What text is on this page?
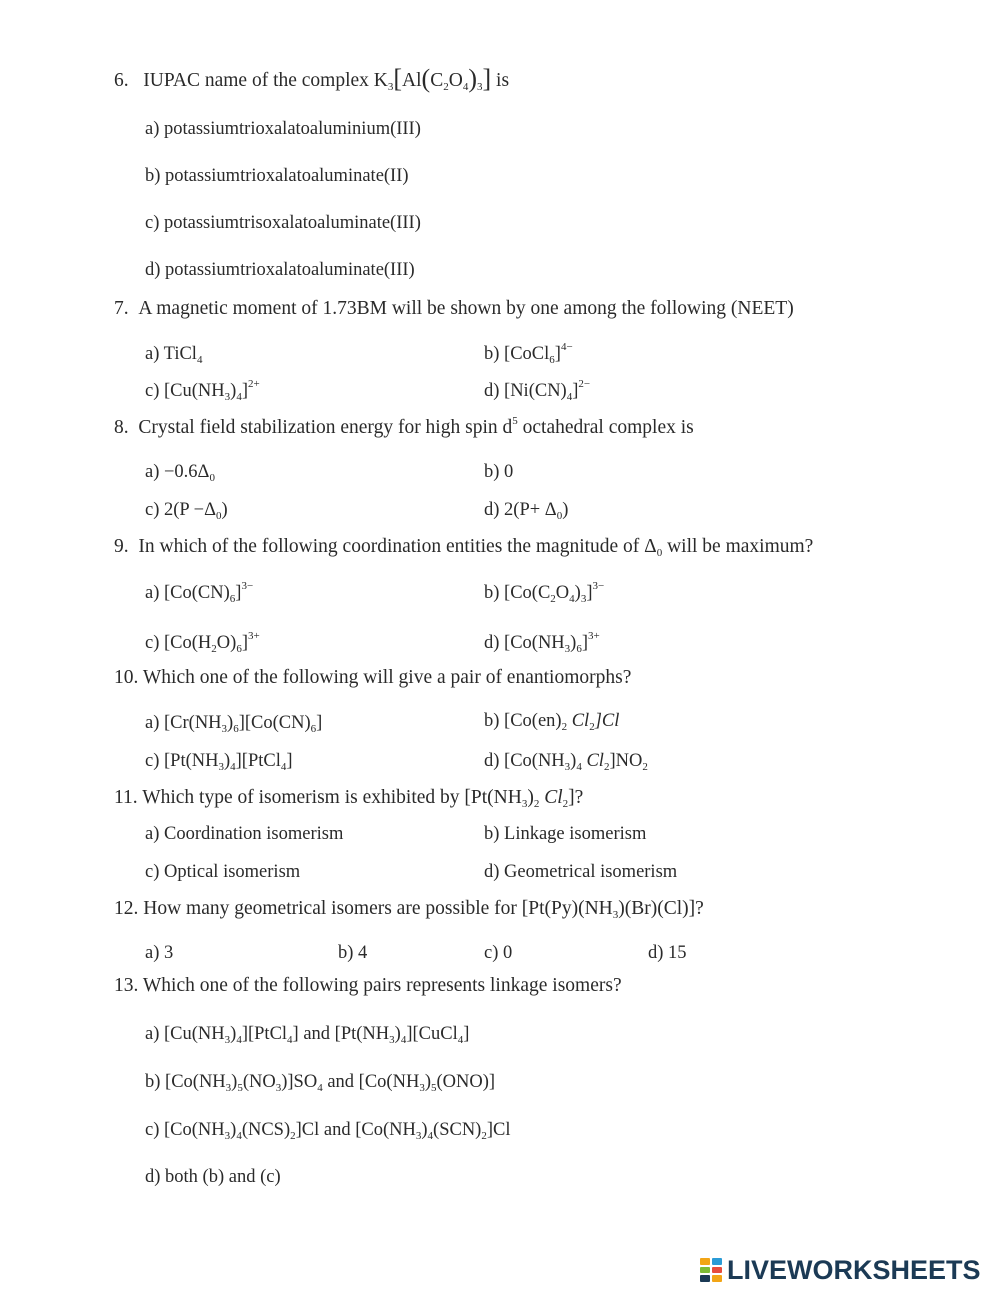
6. IUPAC name of the complex $K_3[Al(C_2O_4)_3]$ is
a) potassiumtrioxalatoaluminium(III)
b) potassiumtrioxalatoaluminate(II)
c) potassiumtrisoxalatoaluminate(III)
d) potassiumtrioxalatoaluminate(III)
7. A magnetic moment of 1.73BM will be shown by one among the following (NEET)
a) TiCl$_4$	b) [CoCl$_6$]$^{4-}$
c) $[Cu(NH_3)_4]^{2+}$	d) $[Ni(CN)_4]^{2-}$
8. Crystal field stabilization energy for high spin $d^5$ octahedral complex is
$a) -0.6\Delta_0$	b) 0
c) $2(P -\Delta_0)$	d) $2(P+ \Delta_0)$
9. In which of the following coordination entities the magnitude of $\Delta_0$ will be maximum?
a) $[Co(CN)_6]^{3-}$	b) $[Co(C_2O_4)_3]^{3-}$
c) $[Co(H_2O)_6]^{3+}$	d) $[Co(NH_3)_6]^{3+}$
10. Which one of the following will give a pair of enantiomorphs?
a) $[Cr(NH_3)_6][Co(CN)_6]$	b) [$Co(en)_2$ $Cl_2]Cl$
c) $[Pt(NH_3)_4][PtCl_4]$	d) [$Co(NH_3)_4$ $Cl_2]NO_2$
11. Which type of isomerism is exhibited by [$Pt(NH_3)_2$ $Cl_2$]?
a) Coordination isomerism	b) Linkage isomerism
c) Optical isomerism	d) Geometrical isomerism
12. How many geometrical isomers are possible for $[Pt(Py)(NH_3)(Br)(Cl)]$?
a) 3	b) 4	c) 0	d) 15
13. Which one of the following pairs represents linkage isomers?
a) $[Cu(NH_3)_4][PtCl_4]$ and $[Pt(NH_3)_4][CuCl_4]$
b) $[Co(NH_3)_5(NO_3)]SO_4$ and $[Co(NH_3)_5(ONO)]$
c) $[Co(NH_3)_4(NCS)_2]Cl$ and $[Co(NH_3)_4(SCN)_2]Cl$
d) both (b) and (c)
LIVEWORKSHEETS
